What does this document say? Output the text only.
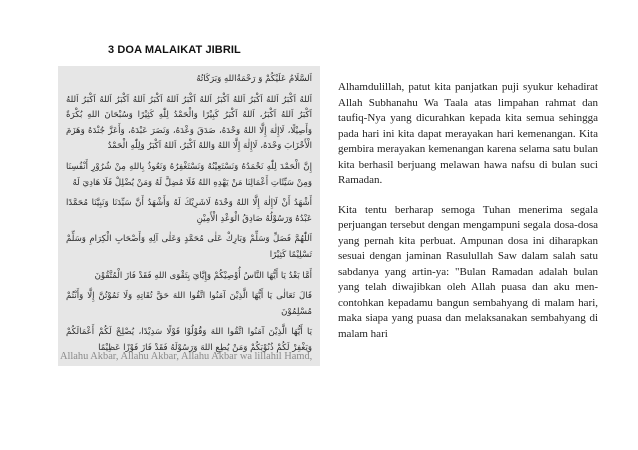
3 DOA MALAIKAT JIBRIL

اَلسَّلَامُ عَلَيْكُمْ وَ رَحْمَةُاللهِ وَبَرَكَاتُهُ

اَللهُ اَكْبَرُ اَللهُ اَكْبَرُ اَللهُ اَكْبَرُ اَللهُ اَكْبَرُ اَللهُ اَكْبَرُ اَللهُ اَكْبَرُ اَللهُ اَكْبَرُ اَللهُ اَكْبَرُ اَللهُ اَكْبَرُ، اَللهُ اَكْبَرُ كَبِيْرًا وَالْحَمْدُ لِلّٰهِ كَثِيْرًا وَسُبْحَانَ اللهِ بُكْرَةً وَأَصِيْلًا، لَاإِلٰهَ إِلَّا اللهُ وَحْدَهُ، صَدَقَ وَعْدَهُ، وَنَصَرَ عَبْدَهُ، وَأَعَزَّ جُنْدَهُ وَهَزَمَ الْأَحْزَابَ وَحْدَهُ، لَاإِلٰهَ إِلَّا اللهُ وَاللهُ اَكْبَرُ، اَللهُ اَكْبَرُ وَلِلّٰهِ الْحَمْدُ

إِنَّ الْحَمْدَ لِلّٰهِ نَحْمَدُهُ وَنَسْتَعِيْنُهُ وَنَسْتَغْفِرُهُ وَنَعُوذُ بِاللهِ مِنْ شُرُوْرِ أَنْفُسِنَا وَمِنْ سَيِّئَاتِ أَعْمَالِنَا مَنْ يَهْدِهِ اللهُ فَلَا مُضِلَّ لَهُ وَمَنْ يُضْلِلْ فَلَا هَادِيَ لَهُ

أَشْهَدُ أَنْ لَاإِلٰهَ إِلَّا اللهُ وَحْدَهُ لَاشَرِيْكَ لَهُ وَأَشْهَدُ أَنَّ سَيِّدَنَا وَنَبِيَّنَا مُحَمَّدًا عَبْدُهُ وَرَسُوْلُهُ صَادِقُ الْوَعْدِ الْأَمِيْنِ

اَللّٰهُمَّ فَصَلِّ وَسَلِّمْ وَبَارِكْ عَلٰى مُحَمَّدٍ وَعَلٰى آلِهِ وَأَصْحَابِ الْكِرَامِ وَسَلِّمْ تَسْلِيْمًا كَثِيْرًا

أَمَّا بَعْدُ يَا أَيُّهَا النَّاسُ أُوْصِيْكُمْ وَإِيَّايَ بِتَقْوَى اللهِ فَقَدْ فَازَ الْمُتَّقُوْنَ

قَالَ تَعَالٰى يَا أَيُّهَا الَّذِيْنَ آمَنُوا اتَّقُوا اللهَ حَقَّ تُقَاتِهِ وَلَا تَمُوْتُنَّ إِلَّا وَأَنْتُمْ مُسْلِمُوْنَ

يَا أَيُّهَا الَّذِيْنَ آمَنُوا اتَّقُوا اللهَ وَقُوْلُوْا قَوْلًا سَدِيْدًا، يُصْلِحْ لَكُمْ أَعْمَالَكُمْ وَيَغْفِرْ لَكُمْ ذُنُوْبَكُمْ وَمَنْ يُطِعِ اللهَ وَرَسُوْلَهُ فَقَدْ فَازَ فَوْزًا عَظِيْمًا

Allahu Akbar, Allahu Akbar, Allahu Akbar wa lillahil Hamd,

Alhamdulillah, patut kita panjatkan puji syukur kehadirat Allah Subhanahu Wa Taala atas limpahan rahmat dan taufiq-Nya yang dicurahkan kepada kita semua sehingga pada hari ini kita dapat merayakan hari kemenangan. Kita gembira merayakan kemenangan karena selama satu bulan kita berhasil berjuang melawan hawa nafsu di bulan suci Ramadan.

Kita tentu berharap semoga Tuhan menerima segala perjuangan tersebut dengan mengampuni segala dosa-dosa yang pernah kita perbuat. Ampunan dosa ini diharapkan sesuai dengan jaminan Rasulullah Saw dalam salah satu sabdanya yang artin-ya: "Bulan Ramadan adalah bulan yang telah diwajibkan oleh Allah puasa dan aku men-contohkan kepadamu bangun sembahyang di malam hari, maka siapa yang puasa dan melaksanakan sembahyang di malam hari
